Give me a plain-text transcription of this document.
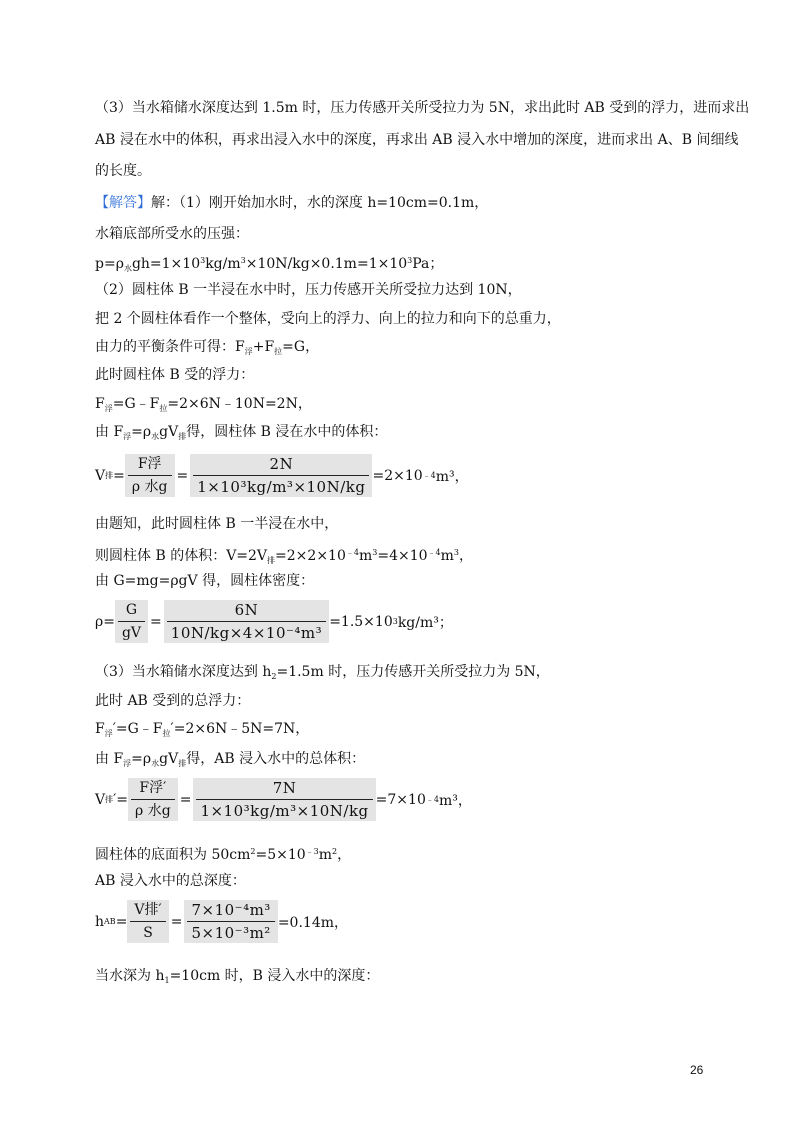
（3）当水箱储水深度达到 1.5m 时，压力传感开关所受拉力为 5N，求出此时 AB 受到的浮力，进而求出
AB 浸在水中的体积，再求出浸入水中的深度，再求出 AB 浸入水中增加的深度，进而求出 A、B 间细线
的长度。
【解答】解：（1）刚开始加水时，水的深度 h=10cm=0.1m，
水箱底部所受水的压强：
$p=\rho_水gh=1\times 10^3kg/m^3\times 10N/kg\times 0.1m=1\times 10^3Pa$；
（2）圆柱体 B 一半浸在水中时，压力传感开关所受拉力达到 10N，
把 2 个圆柱体看作一个整体，受向上的浮力、向上的拉力和向下的总重力，
由力的平衡条件可得：$F_浮+F_拉=G$，
此时圆柱体 B 受的浮力：
$F_浮=G﹣F_拉=2\times 6N﹣10N=2N$，
由 $F_浮=\rho_水gV_排$得，圆柱体 B 浸在水中的体积：
V 排 = $\frac{\text{F浮}}{\text{ρ 水g}} = \frac{2N}{\text{1×10³kg/m³×10N/kg}} =2\times 10$ ﹣4 m³，
由题知，此时圆柱体 B 一半浸在水中，
则圆柱体 B 的体积：$V=2V_排=2\times 2\times 10^{﹣4}m^3=4\times 10^{﹣4}m^3$，
由 G=mg=ρgV 得，圆柱体密度：
$\rho= \frac{G}{gV} = \frac{6N}{\text{10N/kg×4×10⁻⁴m³}} =1.5\times 10$ 3 kg/m³；
（3）当水箱储水深度达到 $h_2=1.5m$ 时，压力传感开关所受拉力为 5N，
此时 AB 受到的总浮力：
$F_浮'=G﹣F_拉'=2\times 6N﹣5N=7N$，
由 $F_浮=\rho_水gV_排$得，AB 浸入水中的总体积：
V 排 ′= $\frac{\text{F浮′}}{\text{ρ 水g}} = \frac{7N}{\text{1×10³kg/m³×10N/kg}} =7\times 10$ ﹣4 m³，
圆柱体的底面积为 $50cm^2=5\times 10^{﹣3}m^2$，
AB 浸入水中的总深度：
h AB = $\frac{\text{V排′}}{S} = \frac{\text{7×10⁻⁴m³}}{\text{5×10⁻³m²}} =0.14m$，
当水深为 $h_1=10cm$ 时，B 浸入水中的深度：
26
